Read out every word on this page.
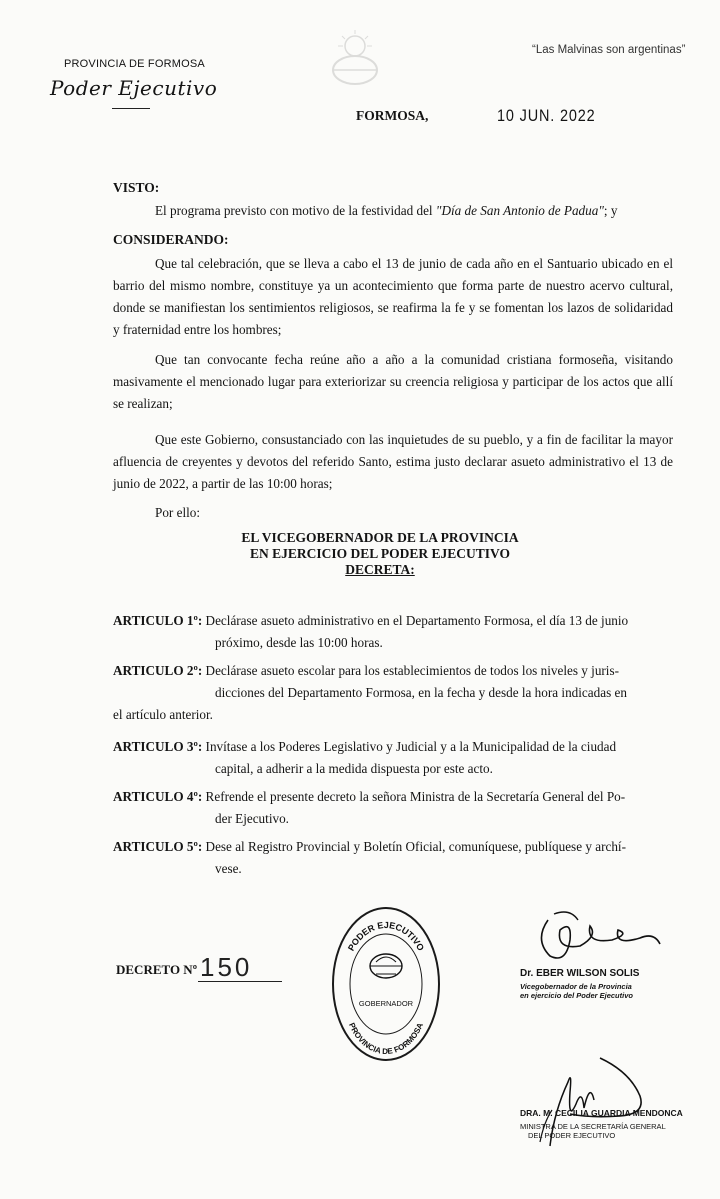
“Las Malvinas son argentinas”
PROVINCIA DE FORMOSA
Poder Ejecutivo
FORMOSA,	10 JUN. 2022
VISTO:
El programa previsto con motivo de la festividad del "Día de San Antonio de Padua"; y
CONSIDERANDO:
Que tal celebración, que se lleva a cabo el 13 de junio de cada año en el Santuario ubicado en el barrio del mismo nombre, constituye ya un acontecimiento que forma parte de nuestro acervo cultural, donde se manifiestan los sentimientos religiosos, se reafirma la fe y se fomentan los lazos de solidaridad y fraternidad entre los hombres;
Que tan convocante fecha reúne año a año a la comunidad cristiana formoseña, visitando masivamente el mencionado lugar para exteriorizar su creencia religiosa y participar de los actos que allí se realizan;
Que este Gobierno, consustanciado con las inquietudes de su pueblo, y a fin de facilitar la mayor afluencia de creyentes y devotos del referido Santo, estima justo declarar asueto administrativo el 13 de junio de 2022, a partir de las 10:00 horas;
Por ello:
EL VICEGOBERNADOR DE LA PROVINCIA
EN EJERCICIO DEL PODER EJECUTIVO
DECRETA:
ARTICULO 1º: Declárase asueto administrativo en el Departamento Formosa, el día 13 de junio
próximo, desde las 10:00 horas.
ARTICULO 2º: Declárase asueto escolar para los establecimientos de todos los niveles y juris-
dicciones del Departamento Formosa, en la fecha y desde la hora indicadas en
el artículo anterior.
ARTICULO 3º: Invítase a los Poderes Legislativo y Judicial y a la Municipalidad de la ciudad
capital, a adherir a la medida dispuesta por este acto.
ARTICULO 4º: Refrende el presente decreto la señora Ministra de la Secretaría General del Po-
der Ejecutivo.
ARTICULO 5º: Dese al Registro Provincial y Boletín Oficial, comuníquese, publíquese y archí-
vese.
DECRETO Nº 150
PODER EJECUTIVO
PROVINCIA DE FORMOSA
GOBERNADOR
Dr. EBER WILSON SOLIS
Vicegobernador de la Provincia
en ejercicio del Poder Ejecutivo
DRA. M. CECILIA GUARDIA MENDONCA
MINISTRA DE LA SECRETARÍA GENERAL
DEL PODER EJECUTIVO
